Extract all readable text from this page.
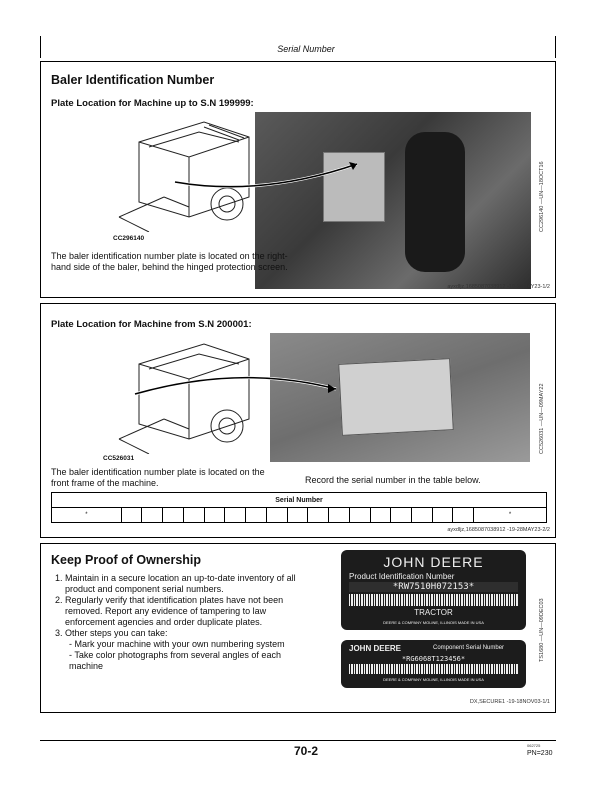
Serial Number
Baler Identification Number
Plate Location for Machine up to S.N 199999:
CC296140
CC296140 —UN—18OCT16
The baler identification number plate is located on the right-hand side of the baler, behind the hinged protection screen.
ayxdljz,1685087038912 -19-28MAY23-1/2
Plate Location for Machine from S.N 200001:
CC526031
CC526031 —UN—09MAY22
The baler identification number plate is located on the front frame of the machine.	Record the serial number in the table below.
Serial Number
*																		*
ayxdljz,1685087038912 -19-28MAY23-2/2
Keep Proof of Ownership
1. Maintain in a secure location an up-to-date inventory of all product and component serial numbers.
2. Regularly verify that identification plates have not been removed. Report any evidence of tampering to law enforcement agencies and order duplicate plates.
3. Other steps you can take:
- Mark your machine with your own numbering system
- Take color photographs from several angles of each machine
JOHN DEERE
Product Identification Number
*RW7510H072153*
TRACTOR
DEERE & COMPANY MOLINE, ILLINOIS MADE IN USA
JOHN DEERE	Component Serial Number
*RG6068T123456*
DEERE & COMPANY MOLINE, ILLINOIS MADE IN USA
TS1680 —UN—09DEC03
DX,SECURE1 -19-18NOV03-1/1
70-2	062725
PN=230
